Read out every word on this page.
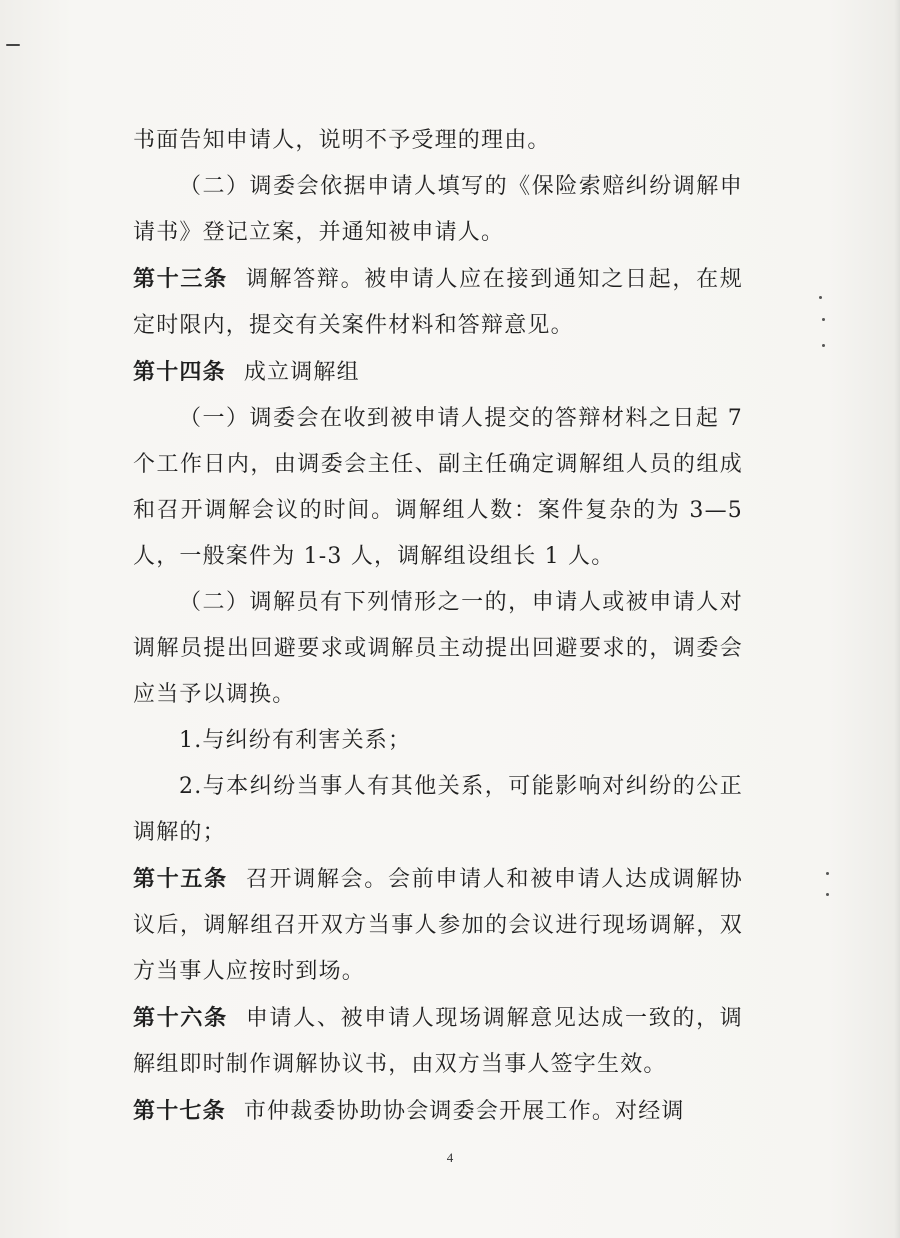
书面告知申请人，说明不予受理的理由。

（二）调委会依据申请人填写的《保险索赔纠纷调解申请书》登记立案，并通知被申请人。

第十三条 调解答辩。被申请人应在接到通知之日起，在规定时限内，提交有关案件材料和答辩意见。

第十四条 成立调解组

（一）调委会在收到被申请人提交的答辩材料之日起 7 个工作日内，由调委会主任、副主任确定调解组人员的组成和召开调解会议的时间。调解组人数：案件复杂的为 3—5 人，一般案件为 1-3 人，调解组设组长 1 人。

（二）调解员有下列情形之一的，申请人或被申请人对调解员提出回避要求或调解员主动提出回避要求的，调委会应当予以调换。

1.与纠纷有利害关系；

2.与本纠纷当事人有其他关系，可能影响对纠纷的公正调解的；

第十五条 召开调解会。会前申请人和被申请人达成调解协议后，调解组召开双方当事人参加的会议进行现场调解，双方当事人应按时到场。

第十六条 申请人、被申请人现场调解意见达成一致的，调解组即时制作调解协议书，由双方当事人签字生效。

第十七条 市仲裁委协助协会调委会开展工作。对经调

4
